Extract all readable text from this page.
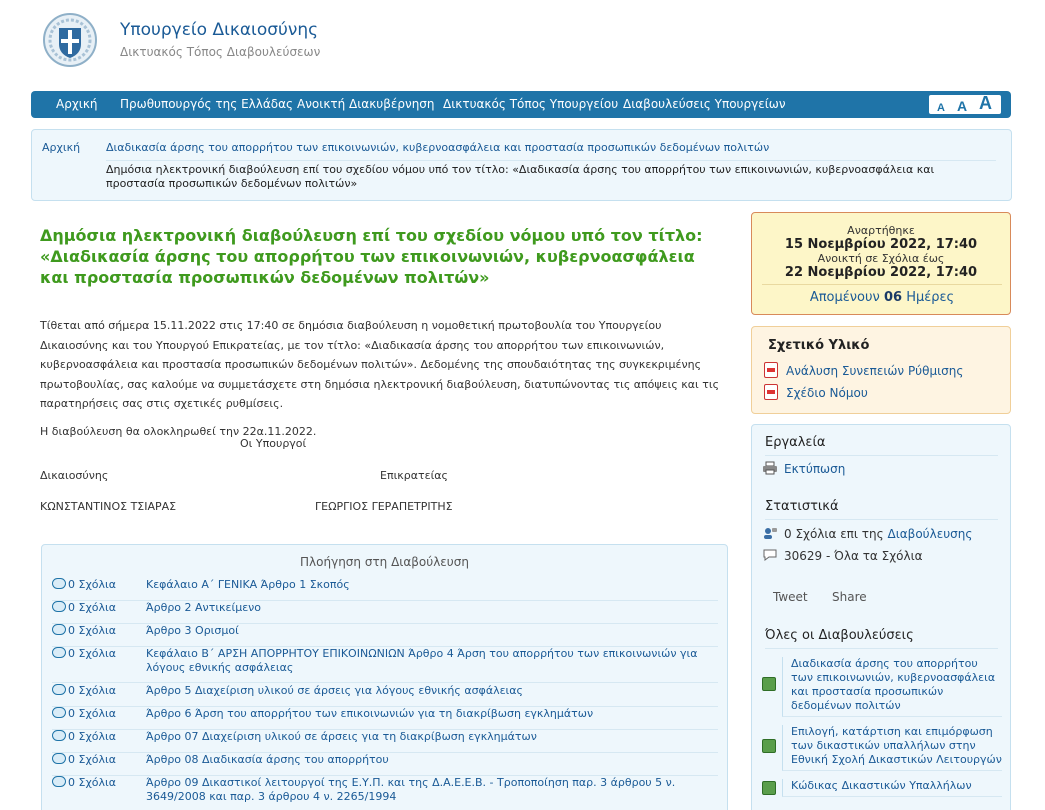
Υπουργείο Δικαιοσύνης
Δικτυακός Τόπος Διαβουλεύσεων
Αρχική Πρωθυπουργός της Ελλάδας Ανοικτή Διακυβέρνηση Δικτυακός Τόπος Υπουργείου Διαβουλεύσεις Υπουργείων	A A A
Αρχική Διαδικασία άρσης του απορρήτου των επικοινωνιών, κυβερνοασφάλεια και προστασία προσωπικών δεδομένων πολιτών
Δημόσια ηλεκτρονική διαβούλευση επί του σχεδίου νόμου υπό τον τίτλο: «Διαδικασία άρσης του απορρήτου των επικοινωνιών, κυβερνοασφάλεια και προστασία προσωπικών δεδομένων πολιτών»
Δημόσια ηλεκτρονική διαβούλευση επί του σχεδίου νόμου υπό τον τίτλο: «Διαδικασία άρσης του απορρήτου των επικοινωνιών, κυβερνοασφάλεια και προστασία προσωπικών δεδομένων πολιτών»
Τίθεται από σήμερα 15.11.2022 στις 17:40 σε δημόσια διαβούλευση η νομοθετική πρωτοβουλία του Υπουργείου Δικαιοσύνης και του Υπουργού Επικρατείας, με τον τίτλο: «Διαδικασία άρσης του απορρήτου των επικοινωνιών, κυβερνοασφάλεια και προστασία προσωπικών δεδομένων πολιτών». Δεδομένης της σπουδαιότητας της συγκεκριμένης πρωτοβουλίας, σας καλούμε να συμμετάσχετε στη δημόσια ηλεκτρονική διαβούλευση, διατυπώνοντας τις απόψεις και τις παρατηρήσεις σας στις σχετικές ρυθμίσεις.
Η διαβούλευση θα ολοκληρωθεί την 22α.11.2022.
Οι Υπουργοί
Δικαιοσύνης	Επικρατείας
ΚΩΝΣΤΑΝΤΙΝΟΣ ΤΣΙΑΡΑΣ	ΓΕΩΡΓΙΟΣ ΓΕΡΑΠΕΤΡΙΤΗΣ
Πλοήγηση στη Διαβούλευση
0 Σχόλια	Κεφάλαιο Α΄ ΓΕΝΙΚΑ Άρθρο 1 Σκοπός
0 Σχόλια	Άρθρο 2 Αντικείμενο
0 Σχόλια	Άρθρο 3 Ορισμοί
0 Σχόλια	Κεφάλαιο Β΄ ΑΡΣΗ ΑΠΟΡΡΗΤΟΥ ΕΠΙΚΟΙΝΩΝΙΩΝ Άρθρο 4 Άρση του απορρήτου των επικοινωνιών για λόγους εθνικής ασφάλειας
0 Σχόλια	Άρθρο 5 Διαχείριση υλικού σε άρσεις για λόγους εθνικής ασφάλειας
0 Σχόλια	Άρθρο 6 Άρση του απορρήτου των επικοινωνιών για τη διακρίβωση εγκλημάτων
0 Σχόλια	Άρθρο 07 Διαχείριση υλικού σε άρσεις για τη διακρίβωση εγκλημάτων
0 Σχόλια	Άρθρο 08 Διαδικασία άρσης του απορρήτου
0 Σχόλια	Άρθρο 09 Δικαστικοί λειτουργοί της Ε.Υ.Π. και της Δ.Α.Ε.Ε.Β. - Τροποποίηση παρ. 3 άρθρου 5 ν. 3649/2008 και παρ. 3 άρθρου 4 ν. 2265/1994
Αναρτήθηκε
15 Νοεμβρίου 2022, 17:40
Ανοικτή σε Σχόλια έως
22 Νοεμβρίου 2022, 17:40
Απομένουν 06 Ημέρες
Σχετικό Υλικό
Ανάλυση Συνεπειών Ρύθμισης
Σχέδιο Νόμου
Εργαλεία
Εκτύπωση
Στατιστικά
0 Σχόλια επι της Διαβούλευσης
30629 - Όλα τα Σχόλια
Tweet Share
Όλες οι Διαβουλεύσεις
Διαδικασία άρσης του απορρήτου των επικοινωνιών, κυβερνοασφάλεια και προστασία προσωπικών δεδομένων πολιτών
Επιλογή, κατάρτιση και επιμόρφωση των δικαστικών υπαλλήλων στην Εθνική Σχολή Δικαστικών Λειτουργών
Κώδικας Δικαστικών Υπαλλήλων
